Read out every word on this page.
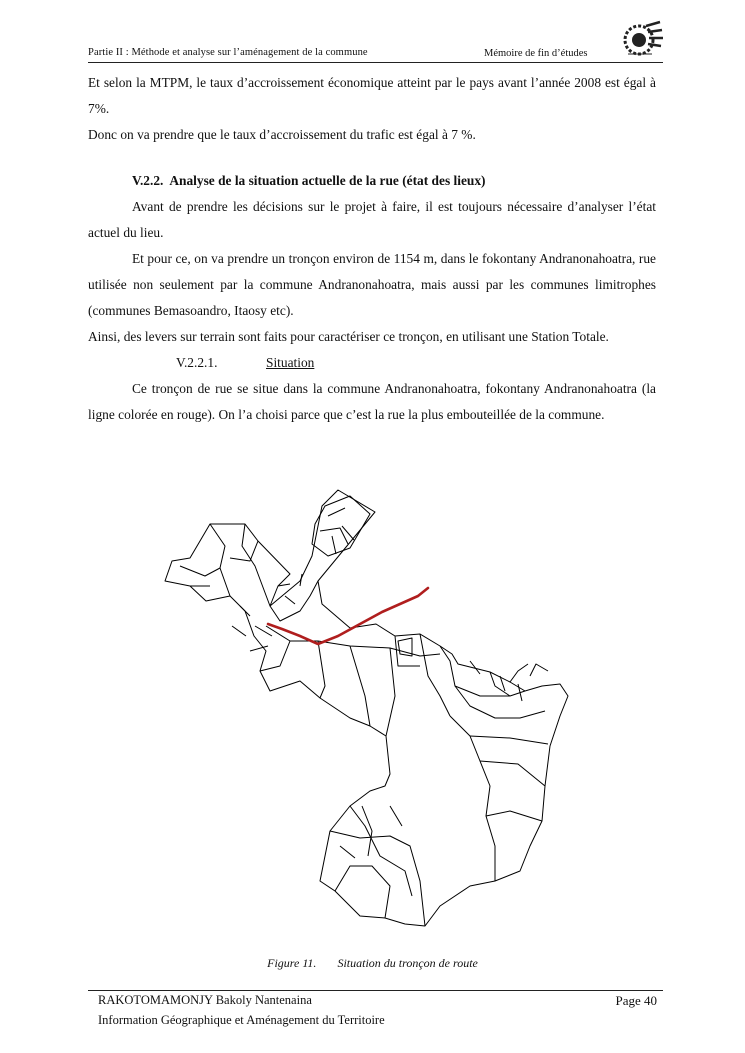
Partie II : Méthode et analyse sur l’aménagement de la commune	Mémoire de fin d’études
Et selon la MTPM, le taux d’accroissement économique atteint par le pays avant l’année 2008 est égal à 7%.
Donc on va prendre que le taux d’accroissement du trafic est égal à 7 %.
V.2.2. Analyse de la situation actuelle de la rue (état des lieux)
Avant de prendre les décisions sur le projet à faire, il est toujours nécessaire d’analyser l’état actuel du lieu.
Et pour ce, on va prendre un tronçon environ de 1154 m, dans le fokontany Andranonahoatra, rue utilisée non seulement par la commune Andranonahoatra, mais aussi par les communes limitrophes (communes Bemasoandro, Itaosy etc).
Ainsi, des levers sur terrain sont faits pour caractériser ce tronçon, en utilisant une Station Totale.
V.2.2.1.	Situation
Ce tronçon de rue se situe dans la commune Andranonahoatra, fokontany Andranonahoatra (la ligne colorée en rouge). On l’a choisi parce que c’est la rue la plus embouteillée de la commune.
Figure 11. Situation du tronçon de route
RAKOTOMAMONJY Bakoly Nantenaina
Information Géographique et Aménagement du Territoire
Page 40
